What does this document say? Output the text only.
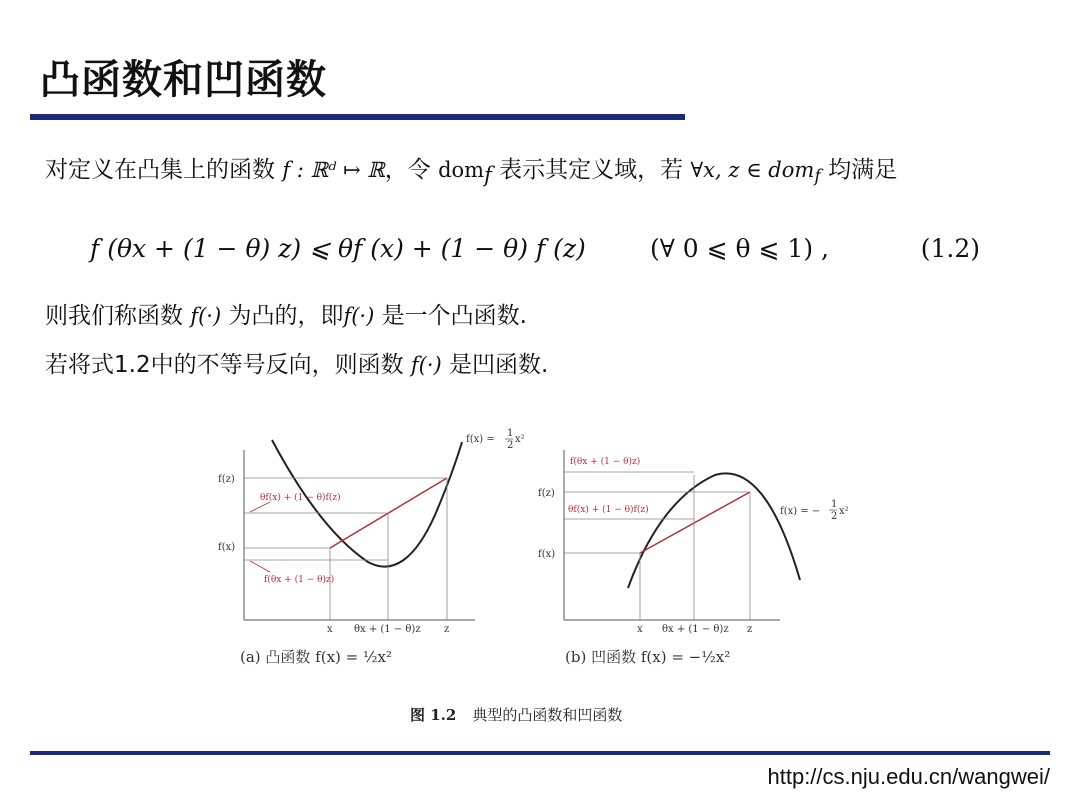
凸函数和凹函数
对定义在凸集上的函数 f : ℝᵈ ↦ ℝ，令 dom$_f$ 表示其定义域，若 ∀x, z ∈ dom$_f$ 均满足
f (θx + (1 − θ) z) ⩽ θf (x) + (1 − θ) f (z)	(∀ 0 ⩽ θ ⩽ 1) ,	(1.2)
则我们称函数 f(·) 为凸的，即f(·) 是一个凸函数.
若将式1.2中的不等号反向，则函数 f(·) 是凹函数.
f(z)
f(x)
θf(x) + (1 − θ)f(z)
f(θx + (1 − θ)z)
x θx + (1 − θ)z z
f(x) =
1
2
x²
f(z)
f(x)
f(θx + (1 − θ)z)
θf(x) + (1 − θ)f(z)
x θx + (1 − θ)z z
f(x) = −
1
2 x²
(a) 凸函数 f(x) = ½x²	(b) 凹函数 f(x) = −½x²
图 1.2 典型的凸函数和凹函数
http://cs.nju.edu.cn/wangwei/
